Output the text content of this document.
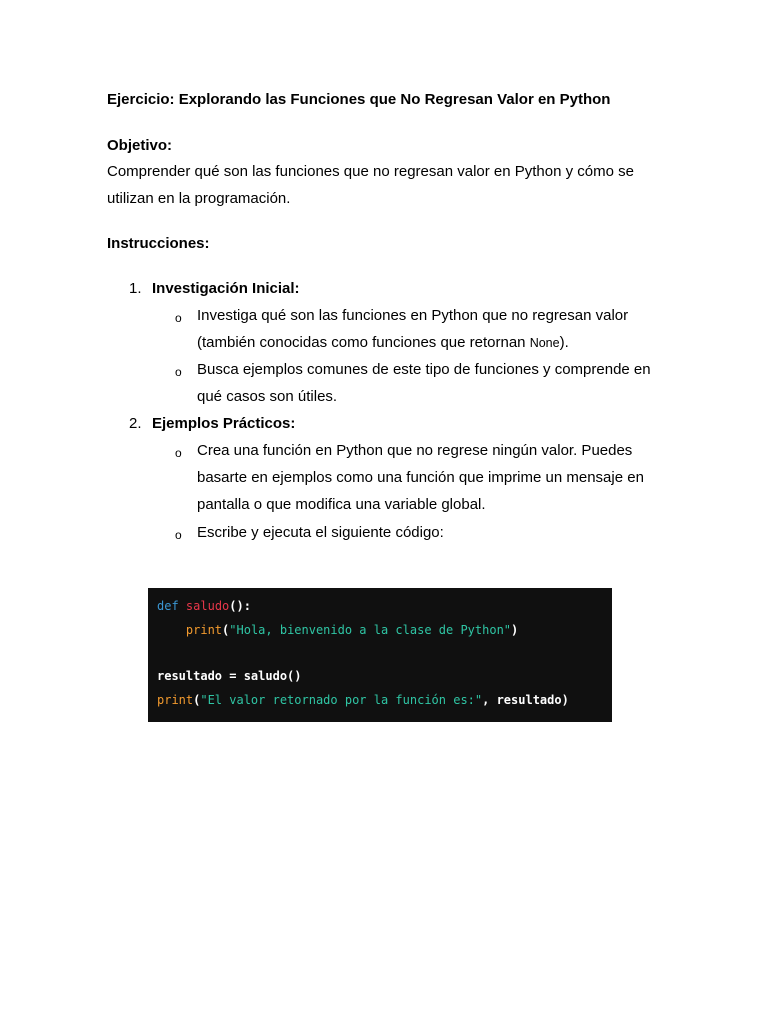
Ejercicio: Explorando las Funciones que No Regresan Valor en Python
Objetivo:
Comprender qué son las funciones que no regresan valor en Python y cómo se utilizan en la programación.
Instrucciones:
1. Investigación Inicial:
o Investiga qué son las funciones en Python que no regresan valor (también conocidas como funciones que retornan None).
o Busca ejemplos comunes de este tipo de funciones y comprende en qué casos son útiles.
2. Ejemplos Prácticos:
o Crea una función en Python que no regrese ningún valor. Puedes basarte en ejemplos como una función que imprime un mensaje en pantalla o que modifica una variable global.
o Escribe y ejecuta el siguiente código:
def saludo():
print("Hola, bienvenido a la clase de Python")
resultado = saludo()
print("El valor retornado por la función es:", resultado)
